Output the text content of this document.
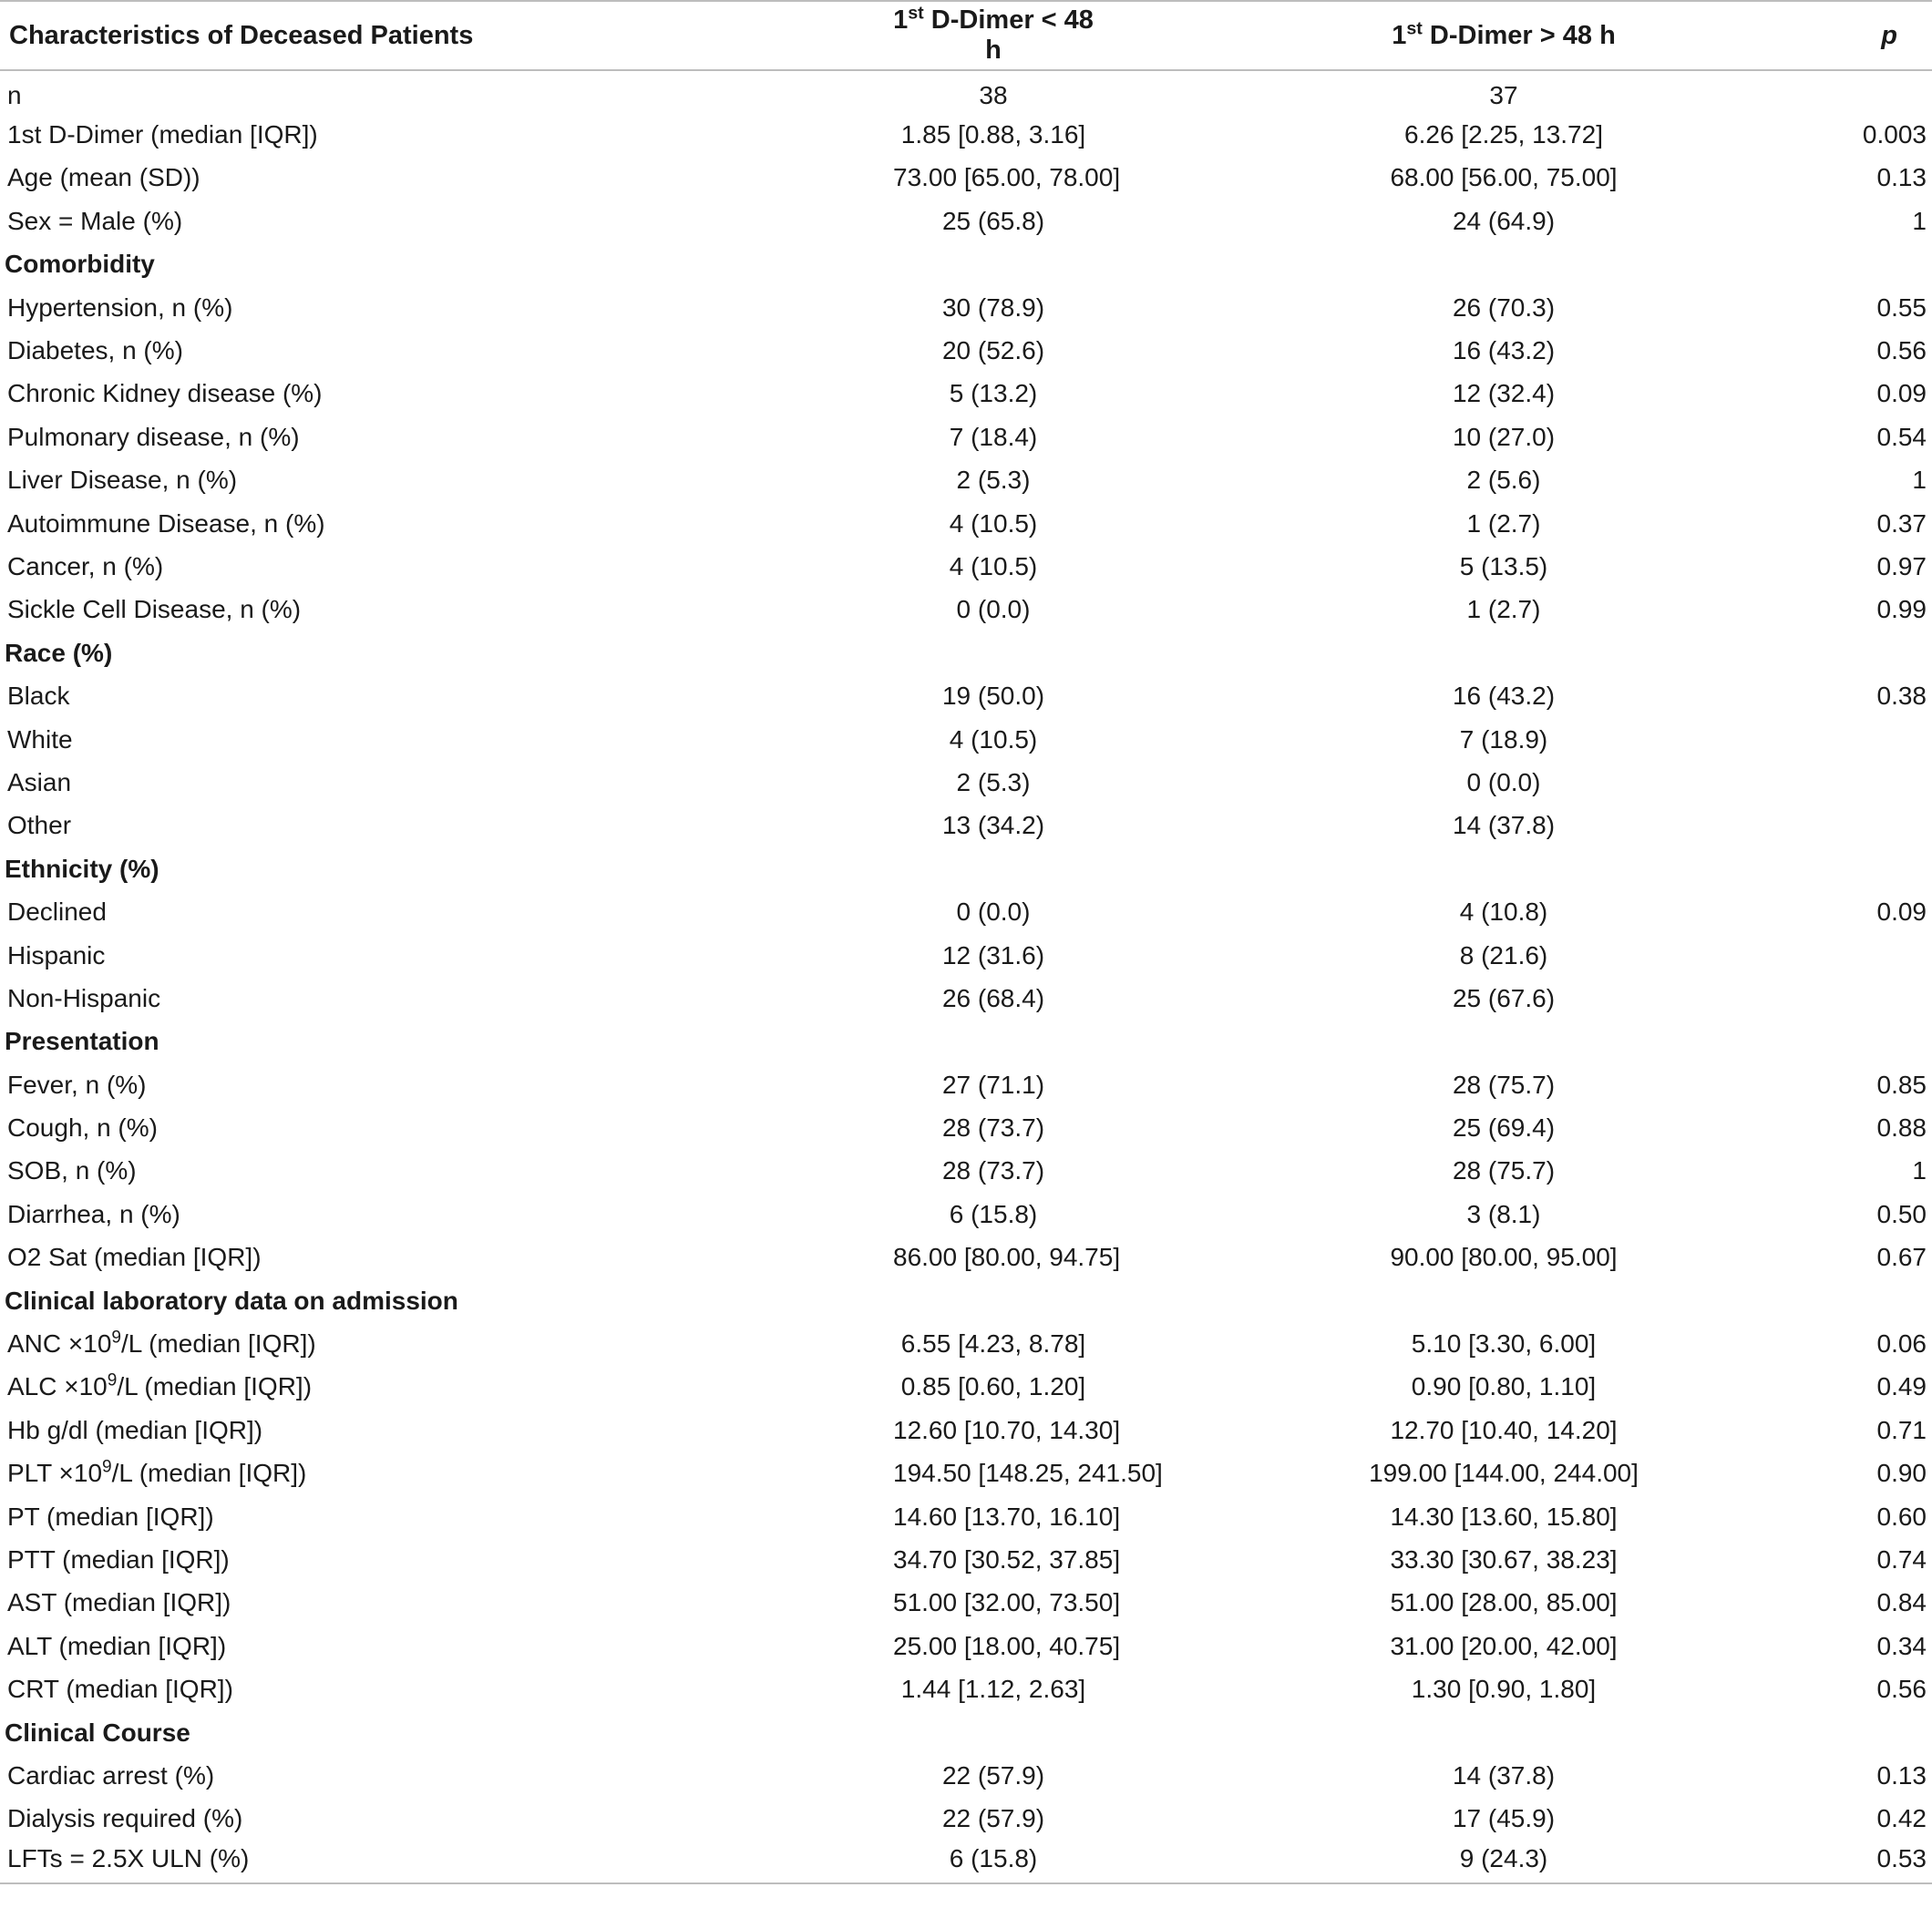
Characteristics of Deceased Patients	1st D-Dimer < 48 h	1st D-Dimer > 48 h	p
n	38	37	
1st D-Dimer (median [IQR])	1.85 [0.88, 3.16]	6.26 [2.25, 13.72]	0.003
Age (mean (SD))	73.00 [65.00, 78.00]	68.00 [56.00, 75.00]	0.13
Sex = Male (%)	25 (65.8)	24 (64.9)	1
Comorbidity			
Hypertension, n (%)	30 (78.9)	26 (70.3)	0.55
Diabetes, n (%)	20 (52.6)	16 (43.2)	0.56
Chronic Kidney disease (%)	5 (13.2)	12 (32.4)	0.09
Pulmonary disease, n (%)	7 (18.4)	10 (27.0)	0.54
Liver Disease, n (%)	2 (5.3)	2 (5.6)	1
Autoimmune Disease, n (%)	4 (10.5)	1 (2.7)	0.37
Cancer, n (%)	4 (10.5)	5 (13.5)	0.97
Sickle Cell Disease, n (%)	0 (0.0)	1 (2.7)	0.99
Race (%)			
Black	19 (50.0)	16 (43.2)	0.38
White	4 (10.5)	7 (18.9)	
Asian	2 (5.3)	0 (0.0)	
Other	13 (34.2)	14 (37.8)	
Ethnicity (%)			
Declined	0 (0.0)	4 (10.8)	0.09
Hispanic	12 (31.6)	8 (21.6)	
Non-Hispanic	26 (68.4)	25 (67.6)	
Presentation			
Fever, n (%)	27 (71.1)	28 (75.7)	0.85
Cough, n (%)	28 (73.7)	25 (69.4)	0.88
SOB, n (%)	28 (73.7)	28 (75.7)	1
Diarrhea, n (%)	6 (15.8)	3 (8.1)	0.50
O2 Sat (median [IQR])	86.00 [80.00, 94.75]	90.00 [80.00, 95.00]	0.67
Clinical laboratory data on admission			
ANC $\times 10^9/L$ (median [IQR])	6.55 [4.23, 8.78]	5.10 [3.30, 6.00]	0.06
ALC $\times 10^9/L$ (median [IQR])	0.85 [0.60, 1.20]	0.90 [0.80, 1.10]	0.49
Hb g/dl (median [IQR])	12.60 [10.70, 14.30]	12.70 [10.40, 14.20]	0.71
PLT $\times 10^9/L$ (median [IQR])	194.50 [148.25, 241.50]	199.00 [144.00, 244.00]	0.90
PT (median [IQR])	14.60 [13.70, 16.10]	14.30 [13.60, 15.80]	0.60
PTT (median [IQR])	34.70 [30.52, 37.85]	33.30 [30.67, 38.23]	0.74
AST (median [IQR])	51.00 [32.00, 73.50]	51.00 [28.00, 85.00]	0.84
ALT (median [IQR])	25.00 [18.00, 40.75]	31.00 [20.00, 42.00]	0.34
CRT (median [IQR])	1.44 [1.12, 2.63]	1.30 [0.90, 1.80]	0.56
Clinical Course			
Cardiac arrest (%)	22 (57.9)	14 (37.8)	0.13
Dialysis required (%)	22 (57.9)	17 (45.9)	0.42
LFTs = 2.5X ULN (%)	6 (15.8)	9 (24.3)	0.53
